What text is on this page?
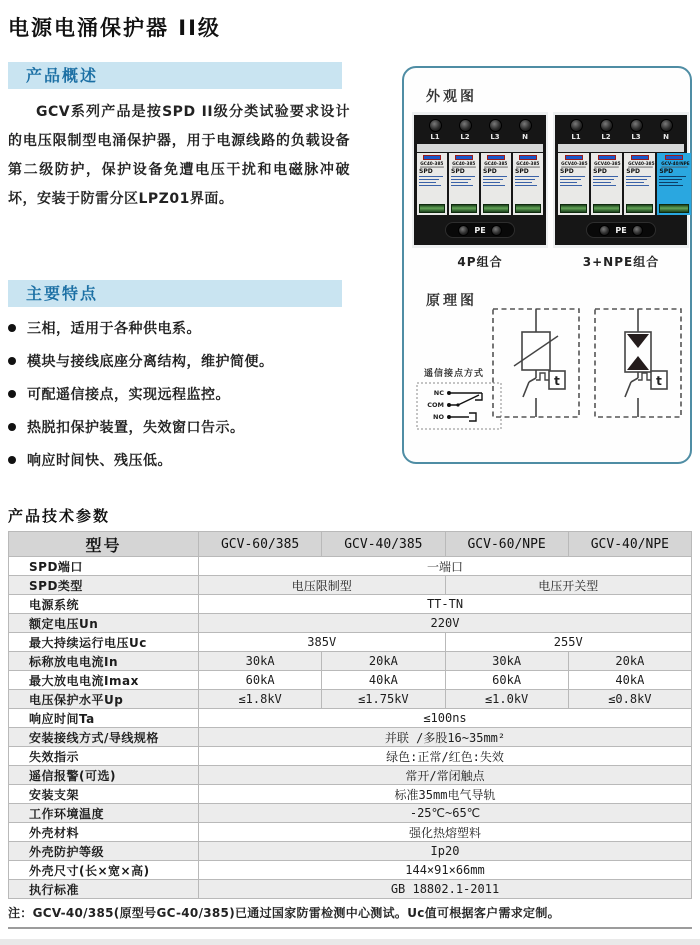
电源电涌保护器 II级
产品概述

GCV系列产品是按SPD II级分类试验要求设计的电压限制型电涌保护器，用于电源线路的负载设备第二级防护，保护设备免遭电压干扰和电磁脉冲破坏，安装于防雷分区LPZ01界面。

主要特点
三相，适用于各种供电系。
模块与接线底座分离结构，维护简便。
可配遥信接点，实现远程监控。
热脱扣保护装置，失效窗口告示。
响应时间快、残压低。
外观图
L1	L2	L3	N
GC40-385
SPD
GC40-385
SPD
GC40-385
SPD
GC40-385
SPD
PE
4P组合
L1	L2	L3	N
GCV40-385
SPD
GCV40-385
SPD
GCV40-385
SPD
GCV-40/NPE
SPD
PE
3+NPE组合
原理图
遥信接点方式
NC
COM
NO
t	t
产品技术参数
型号	GCV-60/385	GCV-40/385	GCV-60/NPE	GCV-40/NPE
SPD端口	一端口			
SPD类型	电压限制型		电压开关型	
电源系统	TT-TN			
额定电压Un	220V			
最大持续运行电压Uc	385V		255V	
标称放电电流In	30kA	20kA	30kA	20kA
最大放电电流Imax	60kA	40kA	60kA	40kA
电压保护水平Up	≤1.8kV	≤1.75kV	≤1.0kV	≤0.8kV
响应时间Ta	≤100ns			
安装接线方式/导线规格	并联 /多股16~35mm²			
失效指示	绿色:正常/红色:失效			
遥信报警(可选)	常开/常闭触点			
安装支架	标准35mm电气导轨			
工作环境温度	-25℃~65℃			
外壳材料	强化热熔塑料			
外壳防护等级	Ip20			
外壳尺寸(长×宽×高)	144×91×66mm			
执行标准	GB 18802.1-2011			
注：GCV-40/385(原型号GC-40/385)已通过国家防雷检测中心测试。Uc值可根据客户需求定制。
